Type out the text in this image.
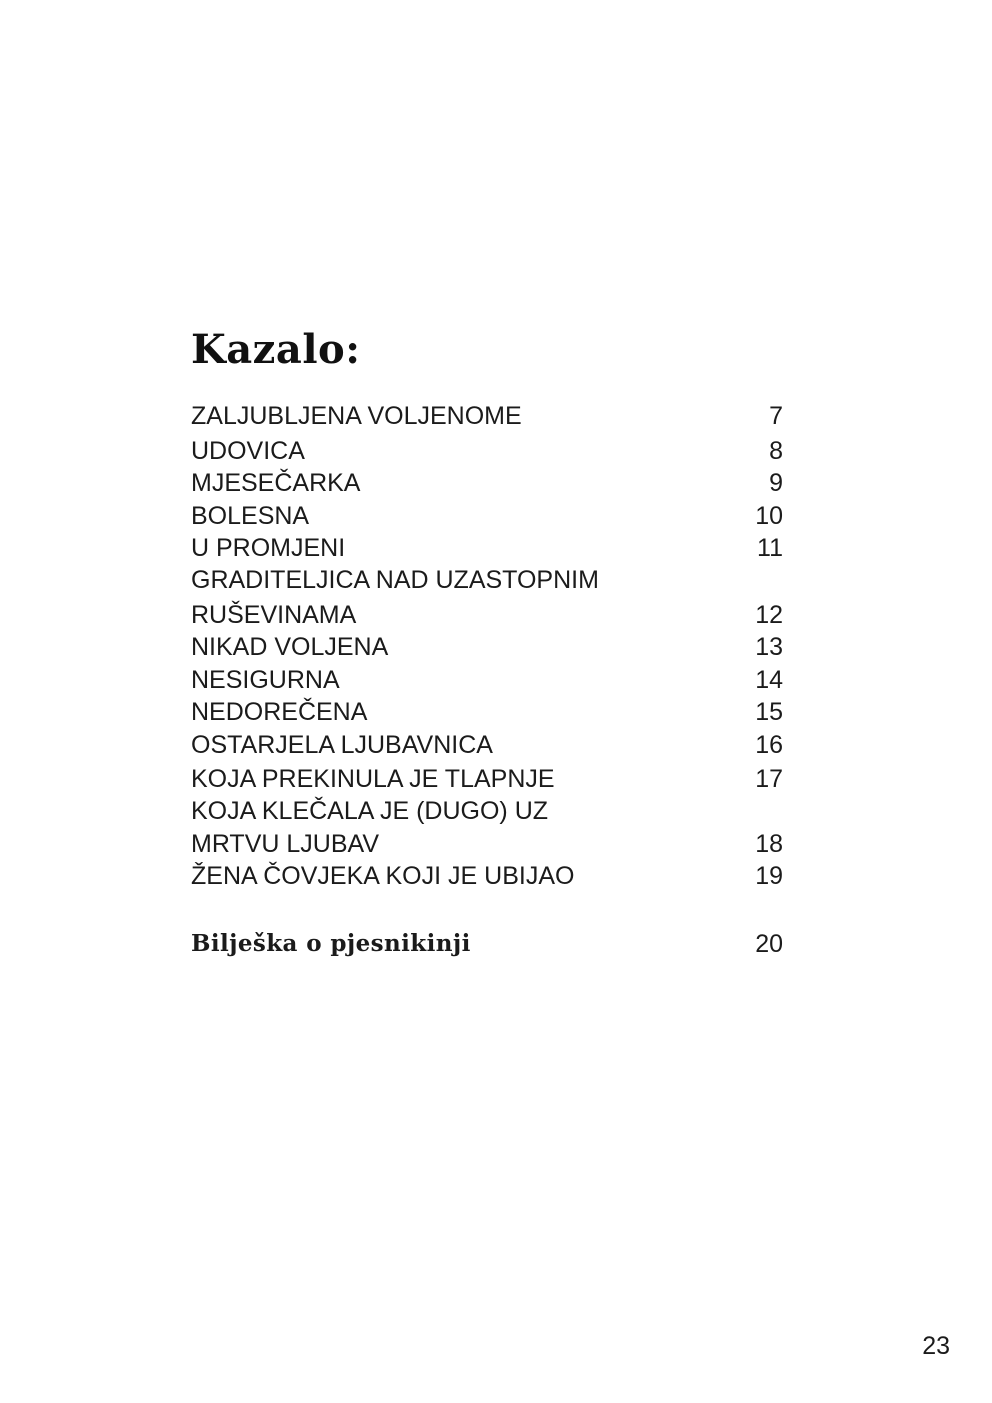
Kazalo:
ZALJUBLJENA VOLJENOME	7
UDOVICA	8
MJESEČARKA	9
BOLESNA	10
U PROMJENI	11
GRADITELJICA NAD UZASTOPNIM
RUŠEVINAMA	12
NIKAD VOLJENA	13
NESIGURNA	14
NEDOREČENA	15
OSTARJELA LJUBAVNICA	16
KOJA PREKINULA JE TLAPNJE	17
KOJA KLEČALA JE (DUGO) UZ
MRTVU LJUBAV	18
ŽENA ČOVJEKA KOJI JE UBIJAO	19
Bilješka o pjesnikinji	20
23
